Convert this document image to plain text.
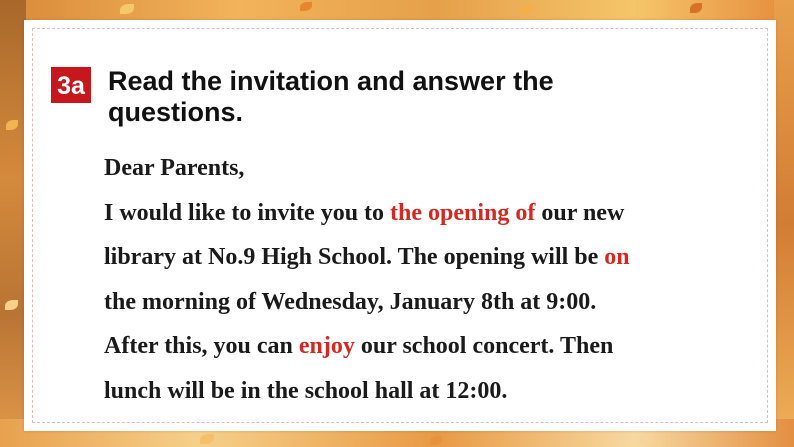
3a Read the invitation and answer the
questions.
Dear Parents,
I would like to invite you to the opening of our new
library at No.9 High School. The opening will be on
the morning of Wednesday, January 8th at 9:00.
After this, you can enjoy our school concert. Then
lunch will be in the school hall at 12:00.
